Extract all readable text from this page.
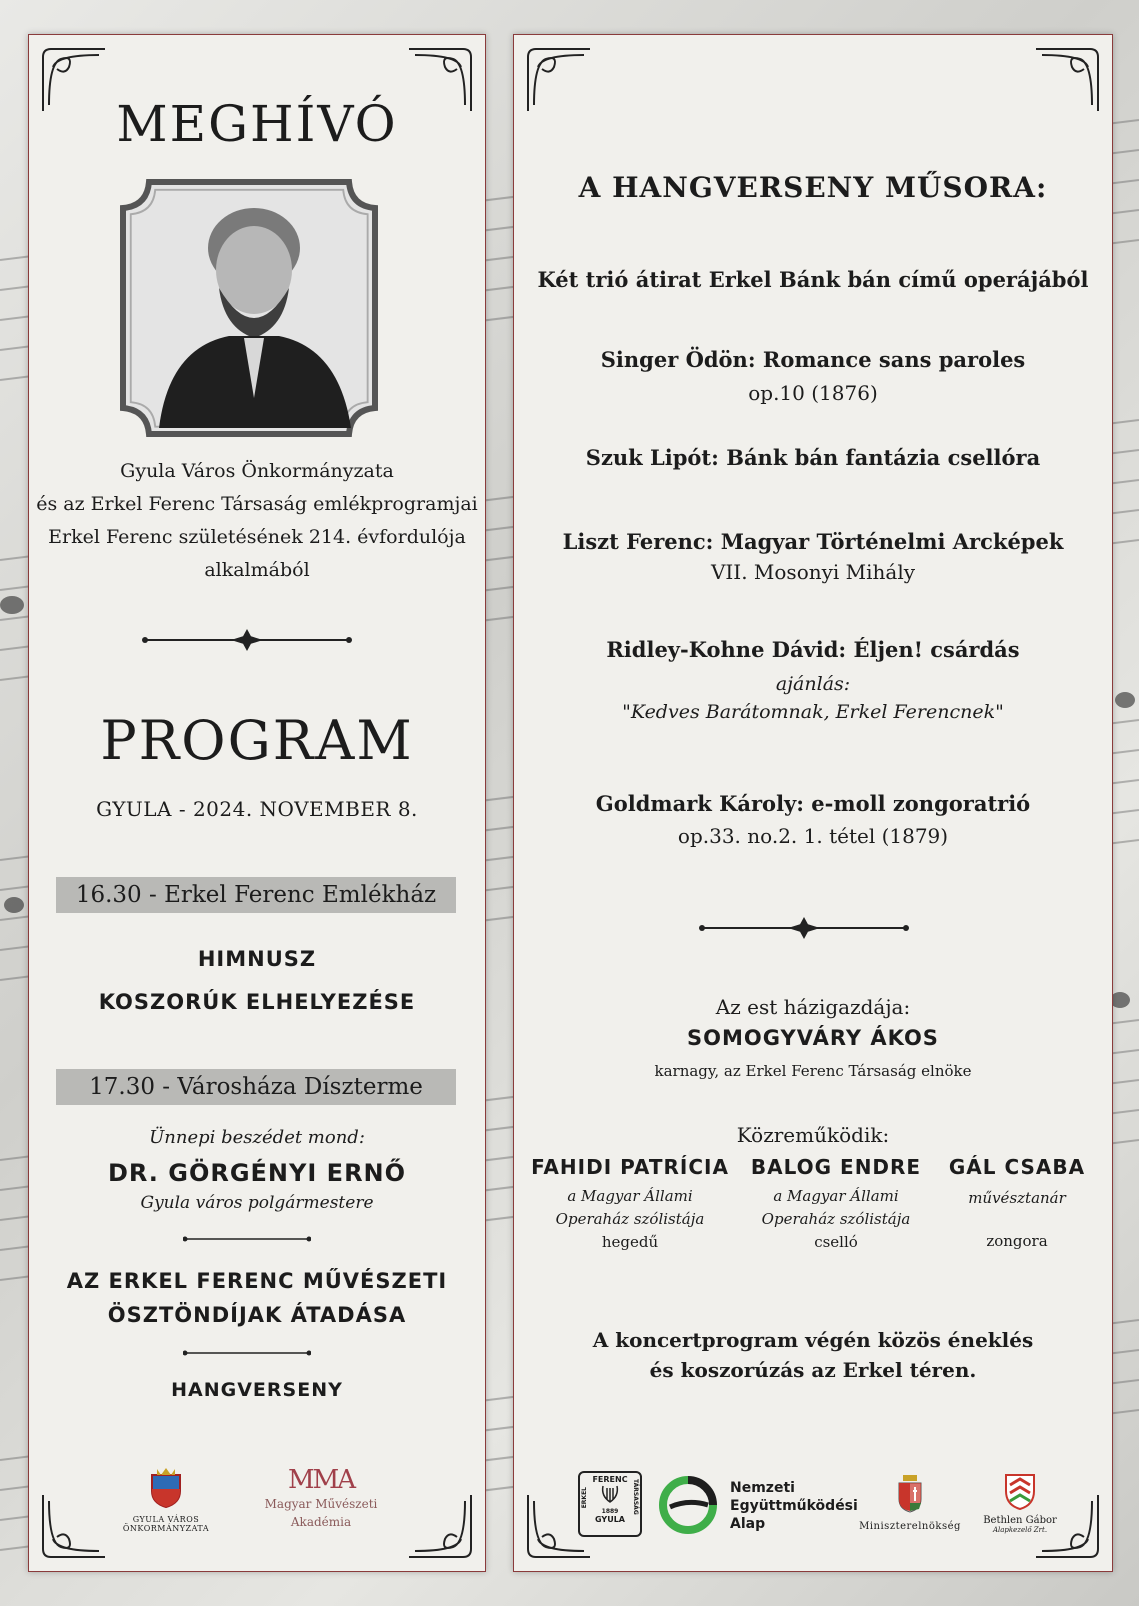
MEGHÍVÓ
Gyula Város Önkormányzata
és az Erkel Ferenc Társaság emlékprogramjai
Erkel Ferenc születésének 214. évfordulója
alkalmából
PROGRAM
GYULA - 2024. NOVEMBER 8.
16.30 - Erkel Ferenc Emlékház
HIMNUSZ
KOSZORÚK ELHELYEZÉSE
17.30 - Városháza Díszterme
Ünnepi beszédet mond:
DR. GÖRGÉNYI ERNŐ
Gyula város polgármestere
AZ ERKEL FERENC MŰVÉSZETI
ÖSZTÖNDÍJAK ÁTADÁSA
HANGVERSENY
GYULA VÁROS ÖNKORMÁNYZATA
MMA
Magyar Művészeti
Akadémia
A HANGVERSENY MŰSORA:
Két trió átirat Erkel Bánk bán című operájából
Singer Ödön: Romance sans paroles
op.10 (1876)
Szuk Lipót: Bánk bán fantázia csellóra
Liszt Ferenc: Magyar Történelmi Arcképek
VII. Mosonyi Mihály
Ridley-Kohne Dávid: Éljen! csárdás
ajánlás:
"Kedves Barátomnak, Erkel Ferencnek"
Goldmark Károly: e-moll zongoratrió
op.33. no.2. 1. tétel (1879)
Az est házigazdája:
SOMOGYVÁRY ÁKOS
karnagy, az Erkel Ferenc Társaság elnöke
Közreműködik:
FAHIDI PATRÍCIA
a Magyar Állami
Operaház szólistája
hegedű
BALOG ENDRE
a Magyar Állami
Operaház szólistája
cselló
GÁL CSABA
művésztanár
zongora
A koncertprogram végén közös éneklés
és koszorúzás az Erkel téren.
FERENC
ERKEL	TÁRSASÁG
1889
GYULA
Nemzeti
Együttműködési
Alap	Miniszterelnökség
Bethlen Gábor
Alapkezelő Zrt.
